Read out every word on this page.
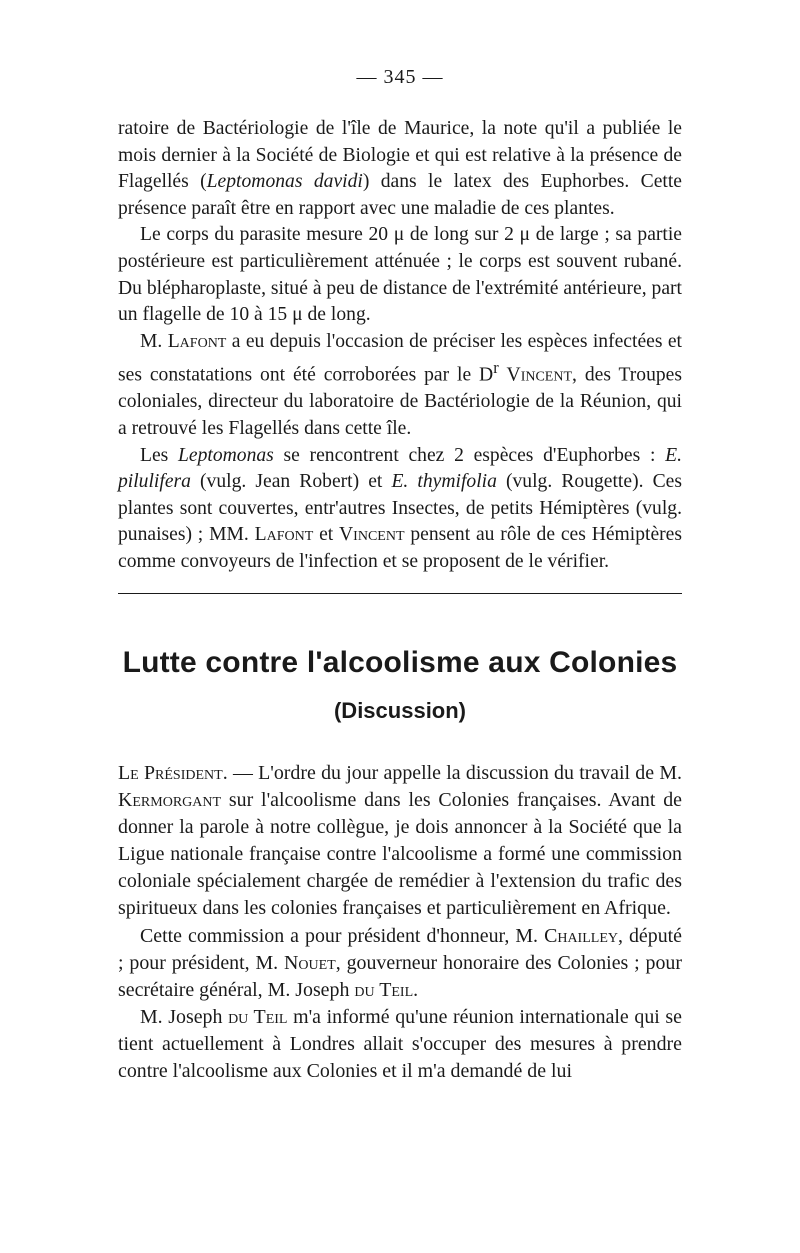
— 345 —

ratoire de Bactériologie de l'île de Maurice, la note qu'il a publiée le mois dernier à la Société de Biologie et qui est relative à la présence de Flagellés (Leptomonas davidi) dans le latex des Euphorbes. Cette présence paraît être en rapport avec une maladie de ces plantes.

Le corps du parasite mesure 20 μ de long sur 2 μ de large ; sa partie postérieure est particulièrement atténuée ; le corps est souvent rubané. Du blépharoplaste, situé à peu de distance de l'extrémité antérieure, part un flagelle de 10 à 15 μ de long.

M. Lafont a eu depuis l'occasion de préciser les espèces infectées et ses constatations ont été corroborées par le $D^r$ Vincent, des Troupes coloniales, directeur du laboratoire de Bactériologie de la Réunion, qui a retrouvé les Flagellés dans cette île.

Les Leptomonas se rencontrent chez 2 espèces d'Euphorbes : E. pilulifera (vulg. Jean Robert) et E. thymifolia (vulg. Rougette). Ces plantes sont couvertes, entr'autres Insectes, de petits Hémiptères (vulg. punaises) ; MM. Lafont et Vincent pensent au rôle de ces Hémiptères comme convoyeurs de l'infection et se proposent de le vérifier.

Lutte contre l'alcoolisme aux Colonies
(Discussion)

Le Président. — L'ordre du jour appelle la discussion du travail de M. Kermorgant sur l'alcoolisme dans les Colonies françaises. Avant de donner la parole à notre collègue, je dois annoncer à la Société que la Ligue nationale française contre l'alcoolisme a formé une commission coloniale spécialement chargée de remédier à l'extension du trafic des spiritueux dans les colonies françaises et particulièrement en Afrique.

Cette commission a pour président d'honneur, M. Chailley, député ; pour président, M. Nouet, gouverneur honoraire des Colonies ; pour secrétaire général, M. Joseph du Teil.

M. Joseph du Teil m'a informé qu'une réunion internationale qui se tient actuellement à Londres allait s'occuper des mesures à prendre contre l'alcoolisme aux Colonies et il m'a demandé de lui
